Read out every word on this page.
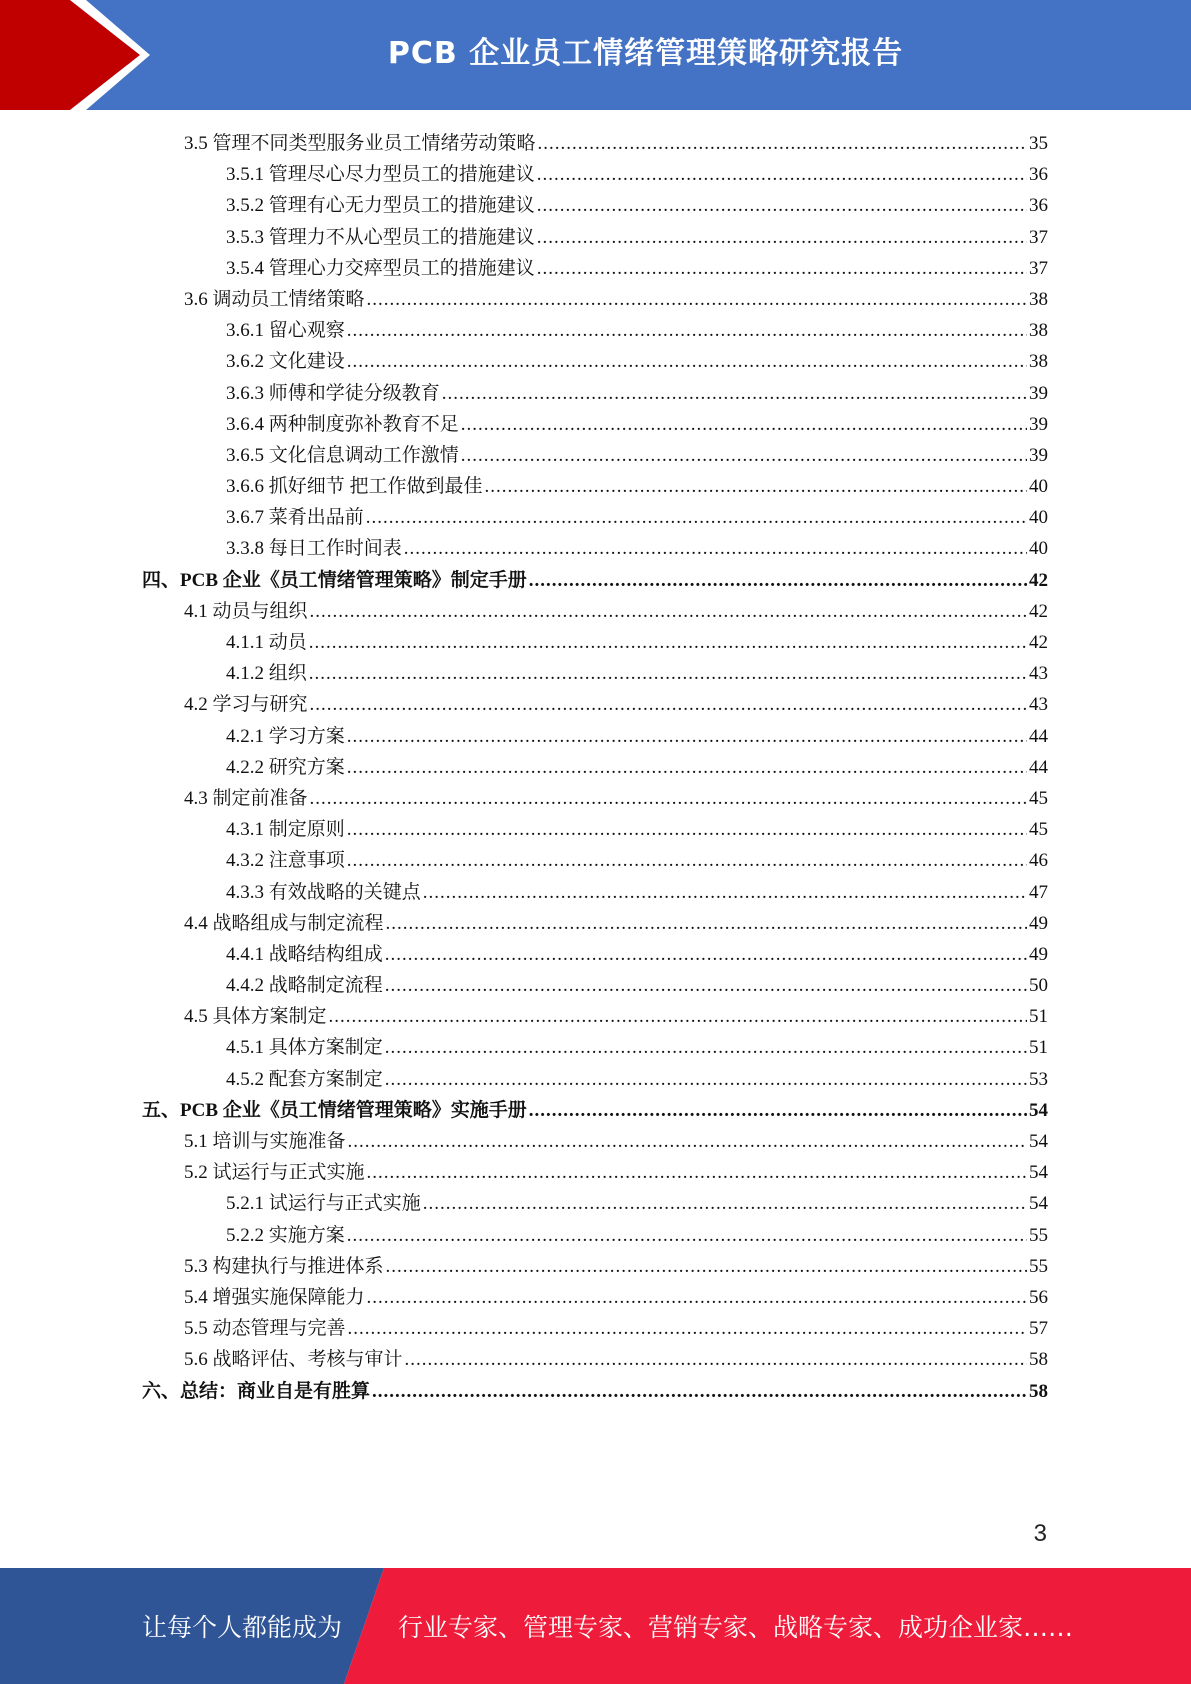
PCB 企业员工情绪管理策略研究报告
3.5 管理不同类型服务业员工情绪劳动策略 .....	35
3.5.1 管理尽心尽力型员工的措施建议 .....	36
3.5.2 管理有心无力型员工的措施建议 .....	36
3.5.3 管理力不从心型员工的措施建议 .....	37
3.5.4 管理心力交瘁型员工的措施建议 .....	37
3.6 调动员工情绪策略 .....	38
3.6.1 留心观察 .....	38
3.6.2 文化建设 .....	38
3.6.3 师傅和学徒分级教育 .....	39
3.6.4 两种制度弥补教育不足 .....	39
3.6.5 文化信息调动工作激情 .....	39
3.6.6 抓好细节 把工作做到最佳 .....	40
3.6.7 菜肴出品前 .....	40
3.3.8 每日工作时间表 .....	40
四、PCB 企业《员工情绪管理策略》制定手册 .....	42
4.1 动员与组织 .....	42
4.1.1 动员 .....	42
4.1.2 组织 .....	43
4.2 学习与研究 .....	43
4.2.1 学习方案 .....	44
4.2.2 研究方案 .....	44
4.3 制定前准备 .....	45
4.3.1 制定原则 .....	45
4.3.2 注意事项 .....	46
4.3.3 有效战略的关键点 .....	47
4.4 战略组成与制定流程 .....	49
4.4.1 战略结构组成 .....	49
4.4.2 战略制定流程 .....	50
4.5 具体方案制定 .....	51
4.5.1 具体方案制定 .....	51
4.5.2 配套方案制定 .....	53
五、PCB 企业《员工情绪管理策略》实施手册 .....	54
5.1 培训与实施准备 .....	54
5.2 试运行与正式实施 .....	54
5.2.1 试运行与正式实施 .....	54
5.2.2 实施方案 .....	55
5.3 构建执行与推进体系 .....	55
5.4 增强实施保障能力 .....	56
5.5 动态管理与完善 .....	57
5.6 战略评估、考核与审计 .....	58
六、总结：商业自是有胜算 .....	58
3
让每个人都能成为 行业专家、管理专家、营销专家、战略专家、成功企业家……
